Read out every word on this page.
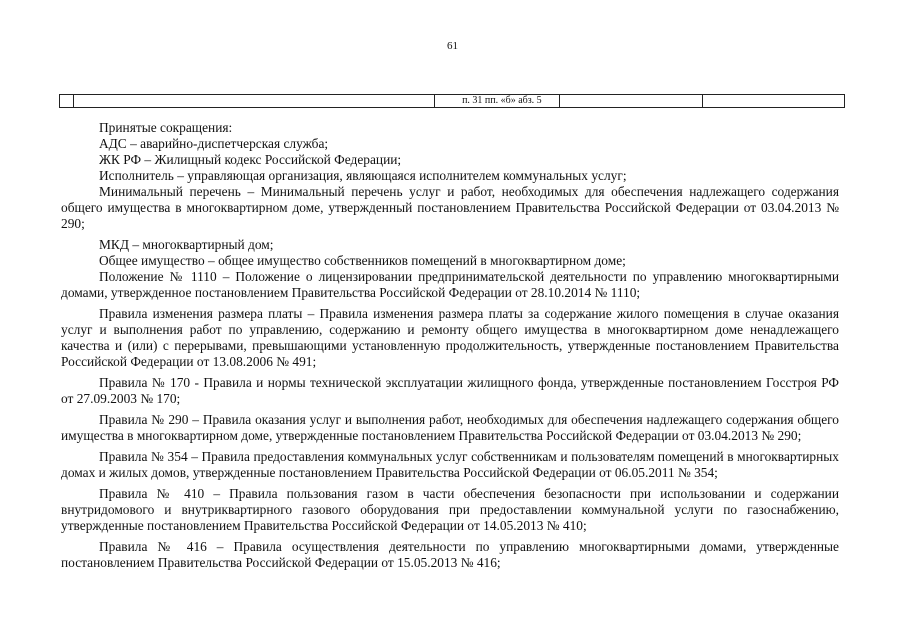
61
п. 31 пп. «б» абз. 5

Принятые сокращения:

АДС – аварийно-диспетчерская служба;

ЖК РФ – Жилищный кодекс Российской Федерации;

Исполнитель – управляющая организация, являющаяся исполнителем коммунальных услуг;

Минимальный перечень – Минимальный перечень услуг и работ, необходимых для обеспечения надлежащего содержания общего имущества в многоквартирном доме, утвержденный постановлением Правительства Российской Федерации от 03.04.2013 № 290;

МКД – многоквартирный дом;

Общее имущество – общее имущество собственников помещений в многоквартирном доме;

Положение № 1110 – Положение о лицензировании предпринимательской деятельности по управлению многоквартирными домами, утвержденное постановлением Правительства Российской Федерации от 28.10.2014 № 1110;

Правила изменения размера платы – Правила изменения размера платы за содержание жилого помещения в случае оказания услуг и выполнения работ по управлению, содержанию и ремонту общего имущества в многоквартирном доме ненадлежащего качества и (или) с перерывами, превышающими установленную продолжительность, утвержденные постановлением Правительства Российской Федерации от 13.08.2006 № 491;

Правила № 170 - Правила и нормы технической эксплуатации жилищного фонда, утвержденные постановлением Госстроя РФ от 27.09.2003 № 170;

Правила № 290 – Правила оказания услуг и выполнения работ, необходимых для обеспечения надлежащего содержания общего имущества в многоквартирном доме, утвержденные постановлением Правительства Российской Федерации от 03.04.2013 № 290;

Правила № 354 – Правила предоставления коммунальных услуг собственникам и пользователям помещений в многоквартирных домах и жилых домов, утвержденные постановлением Правительства Российской Федерации от 06.05.2011 № 354;

Правила № 410 – Правила пользования газом в части обеспечения безопасности при использовании и содержании внутридомового и внутриквартирного газового оборудования при предоставлении коммунальной услуги по газоснабжению, утвержденные постановлением Правительства Российской Федерации от 14.05.2013 № 410;

Правила № 416 – Правила осуществления деятельности по управлению многоквартирными домами, утвержденные постановлением Правительства Российской Федерации от 15.05.2013 № 416;
